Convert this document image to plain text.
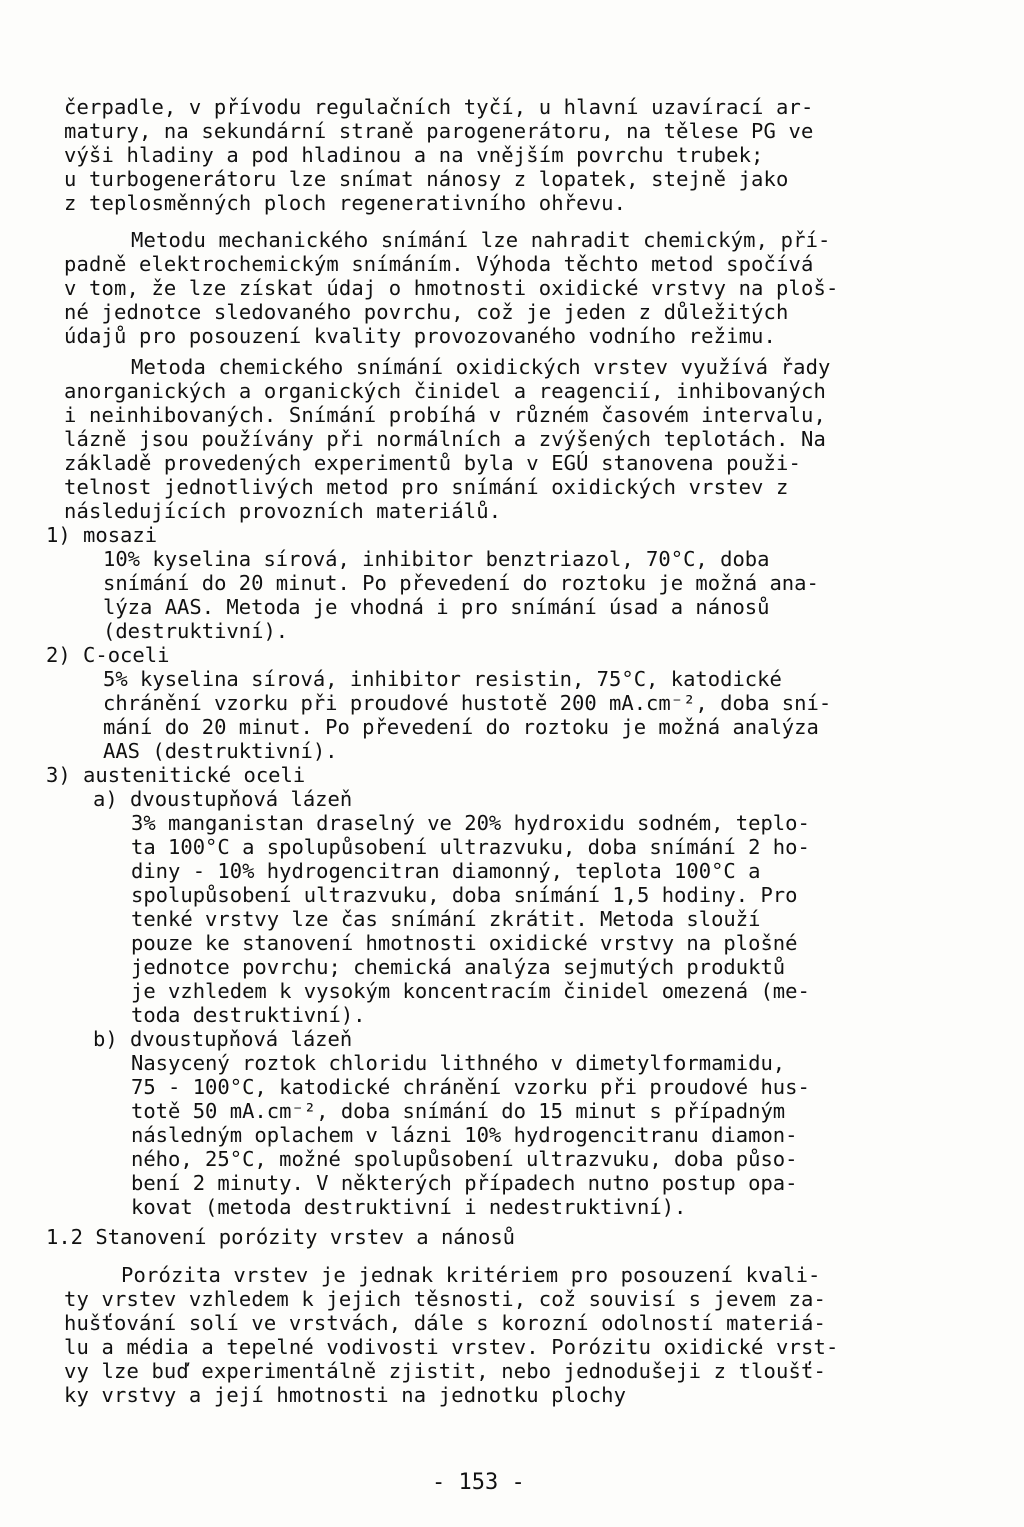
čerpadle, v přívodu regulačních tyčí, u hlavní uzavírací ar-
matury, na sekundární straně parogenerátoru, na tělese PG ve
výši hladiny a pod hladinou a na vnějším povrchu trubek;
u turbogenerátoru lze snímat nánosy z lopatek, stejně jako
z teplosměnných ploch regenerativního ohřevu.
Metodu mechanického snímání lze nahradit chemickým, pří-
padně elektrochemickým snímáním. Výhoda těchto metod spočívá
v tom, že lze získat údaj o hmotnosti oxidické vrstvy na ploš-
né jednotce sledovaného povrchu, což je jeden z důležitých
údajů pro posouzení kvality provozovaného vodního režimu.
Metoda chemického snímání oxidických vrstev využívá řady
anorganických a organických činidel a reagencií, inhibovaných
i neinhibovaných. Snímání probíhá v různém časovém intervalu,
lázně jsou používány při normálních a zvýšených teplotách. Na
základě provedených experimentů byla v EGÚ stanovena použi-
telnost jednotlivých metod pro snímání oxidických vrstev z
následujících provozních materiálů.
1) mosazi
10% kyselina sírová, inhibitor benztriazol, 70°C, doba
snímání do 20 minut. Po převedení do roztoku je možná ana-
lýza AAS. Metoda je vhodná i pro snímání úsad a nánosů
(destruktivní).
2) C-oceli
5% kyselina sírová, inhibitor resistin, 75°C, katodické
chránění vzorku při proudové hustotě 200 mA.cm⁻², doba sní-
mání do 20 minut. Po převedení do roztoku je možná analýza
AAS (destruktivní).
3) austenitické oceli
a) dvoustupňová lázeň
3% manganistan draselný ve 20% hydroxidu sodném, teplo-
ta 100°C a spolupůsobení ultrazvuku, doba snímání 2 ho-
diny - 10% hydrogencitran diamonný, teplota 100°C a
spolupůsobení ultrazvuku, doba snímání 1,5 hodiny. Pro
tenké vrstvy lze čas snímání zkrátit. Metoda slouží
pouze ke stanovení hmotnosti oxidické vrstvy na plošné
jednotce povrchu; chemická analýza sejmutých produktů
je vzhledem k vysokým koncentracím činidel omezená (me-
toda destruktivní).
b) dvoustupňová lázeň
Nasycený roztok chloridu lithného v dimetylformamidu,
75 - 100°C, katodické chránění vzorku při proudové hus-
totě 50 mA.cm⁻², doba snímání do 15 minut s případným
následným oplachem v lázni 10% hydrogencitranu diamon-
ného, 25°C, možné spolupůsobení ultrazvuku, doba půso-
bení 2 minuty. V některých případech nutno postup opa-
kovat (metoda destruktivní i nedestruktivní).
1.2 Stanovení porózity vrstev a nánosů
Porózita vrstev je jednak kritériem pro posouzení kvali-
ty vrstev vzhledem k jejich těsnosti, což souvisí s jevem za-
hušťování solí ve vrstvách, dále s korozní odolností materiá-
lu a média a tepelné vodivosti vrstev. Porózitu oxidické vrst-
vy lze buď experimentálně zjistit, nebo jednodušeji z tloušť-
ky vrstvy a její hmotnosti na jednotku plochy
- 153 -
